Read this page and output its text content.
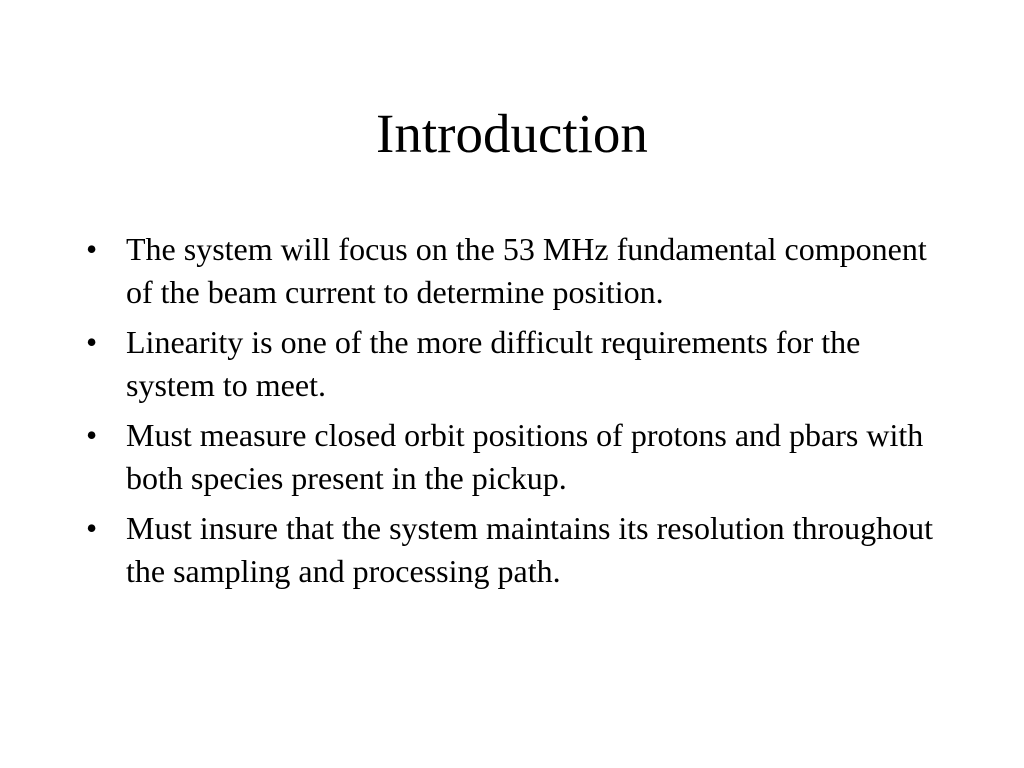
Introduction
• The system will focus on the 53 MHz fundamental component of the beam current to determine position.
• Linearity is one of the more difficult requirements for the system to meet.
• Must measure closed orbit positions of protons and pbars with both species present in the pickup.
• Must insure that the system maintains its resolution throughout the sampling and processing path.
